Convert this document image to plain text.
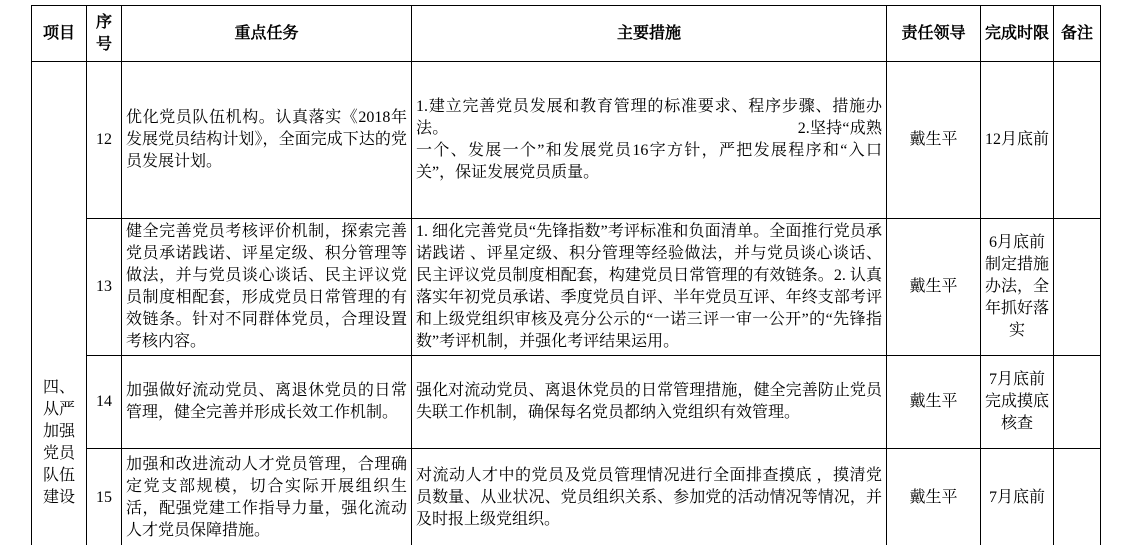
项目	序号	重点任务	主要措施	责任领导	完成时限	备注

四、从严加强党员队伍建设	12	优化党员队伍机构。认真落实《2018年发展党员结构计划》，全面完成下达的党员发展计划。	1.建立完善党员发展和教育管理的标准要求、程序步骤、措施办法。　　　　　　　　　　　　　　　　　　　　　　2.坚持“成熟一个、发展一个”和发展党员16字方针，严把发展程序和“入口关”，保证发展党员质量。	戴生平	12月底前	
	13	健全完善党员考核评价机制，探索完善党员承诺践诺、评星定级、积分管理等做法，并与党员谈心谈话、民主评议党员制度相配套，形成党员日常管理的有效链条。针对不同群体党员，合理设置考核内容。	1. 细化完善党员“先锋指数”考评标准和负面清单。全面推行党员承诺践诺 、评星定级、积分管理等经验做法，并与党员谈心谈话、民主评议党员制度相配套，构建党员日常管理的有效链条。2. 认真落实年初党员承诺、季度党员自评、半年党员互评、年终支部考评和上级党组织审核及亮分公示的“一诺三评一审一公开”的“先锋指数”考评机制，并强化考评结果运用。	戴生平	6月底前制定措施办法，全年抓好落实	
	14	加强做好流动党员、离退休党员的日常管理，健全完善并形成长效工作机制。	强化对流动党员、离退休党员的日常管理措施，健全完善防止党员失联工作机制，确保每名党员都纳入党组织有效管理。	戴生平	7月底前完成摸底核查	
	15	加强和改进流动人才党员管理，合理确定党支部规模，切合实际开展组织生活，配强党建工作指导力量，强化流动人才党员保障措施。	对流动人才中的党员及党员管理情况进行全面排查摸底 ，摸清党员数量、从业状况、党员组织关系、参加党的活动情况等情况，并及时报上级党组织。	戴生平	7月底前	
